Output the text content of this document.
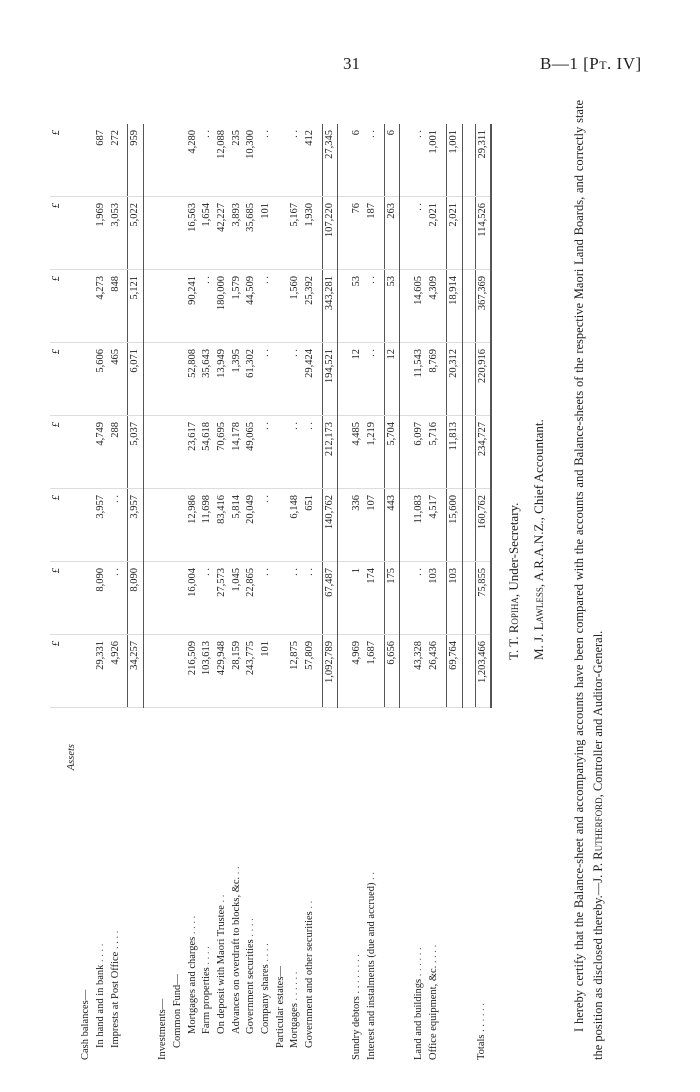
31	B—1 [Pt. IV]
	£	£	£	£	£	£	£	£
Assets								
Cash balances—								
In hand and in bank . . . .	29,331	8,090	3,957	4,749	5,606	4,273	1,969	687
Imprests at Post Office . . . .	4,926	. .	. .	288	465	848	3,053	272

	34,257	8,090	3,957	5,037	6,071	5,121	5,022	959

Investments—								
Common Fund—								
Mortgages and charges . . . .	216,509	16,004	12,986	23,617	52,808	90,241	16,563	4,280
Farm properties . . . .	103,613	. .	11,698	54,618	35,643	. .	1,654	. .
On deposit with Maori Trustee . .	429,948	27,573	83,416	70,695	13,949	180,000	42,227	12,088
Advances on overdraft to blocks, &c. . .	28,159	1,045	5,814	14,178	1,395	1,579	3,893	235
Government securities . . . .	243,775	22,865	20,049	49,065	61,302	44,509	35,685	10,300
Company shares . . . .	101	. .	. .	. .	. .	. .	101	. .
Particular estates—								
Mortgages . . . . . .	12,875	. .	6,148	. .	. .	1,560	5,167	. .
Government and other securities . .	57,809	. .	651	. .	29,424	25,392	1,930	412

	1,092,789	67,487	140,762	212,173	194,521	343,281	107,220	27,345

Sundry debtors . . . . . . . .	4,969	1	336	4,485	12	53	76	6
Interest and instalments (due and accrued) . .	1,687	174	107	1,219	. .	. .	187	. .

	6,656	175	443	5,704	12	53	263	6

Land and buildings . . . . . .	43,328	. .	11,083	6,097	11,543	14,605	. .	. .
Office equipment, &c. . . . .	26,436	103	4,517	5,716	8,769	4,309	2,021	1,001

	69,764	103	15,600	11,813	20,312	18,914	2,021	1,001

Totals . . . . . .	1,203,466	75,855	160,762	234,727	220,916	367,369	114,526	29,311
T. T. Ropiha, Under-Secretary.
M. J. Lawless, A.R.A.N.Z., Chief Accountant.	I hereby certify that the Balance-sheet and accompanying accounts have been compared with the accounts and Balance-sheets of the respective Maori Land Boards, and correctly state the position as disclosed thereby.—J. P. Rutherford, Controller and Auditor-General.
